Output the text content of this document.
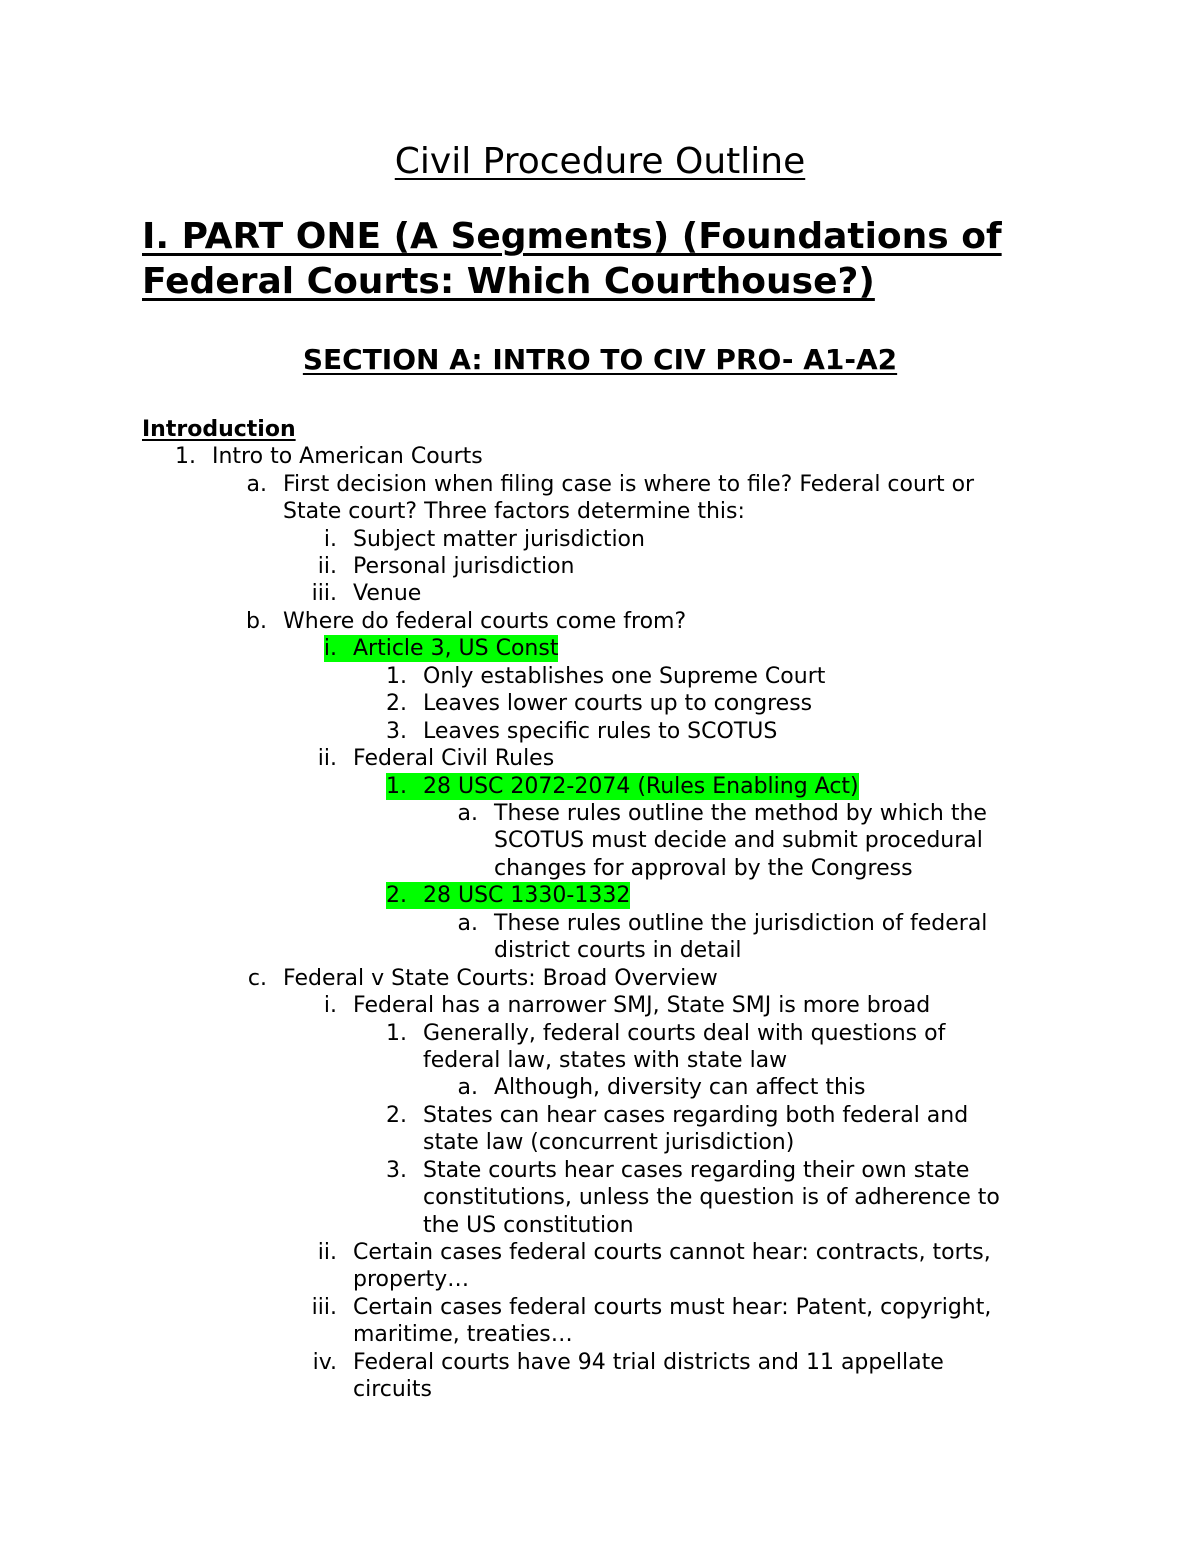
Civil Procedure Outline
I. PART ONE (A Segments) (Foundations of Federal Courts: Which Courthouse?)
SECTION A: INTRO TO CIV PRO- A1-A2
Introduction
1. Intro to American Courts
a. First decision when filing case is where to file? Federal court or
State court? Three factors determine this:
i. Subject matter jurisdiction
ii. Personal jurisdiction
iii. Venue
b. Where do federal courts come from?
i. Article 3, US Const
1. Only establishes one Supreme Court
2. Leaves lower courts up to congress
3. Leaves specific rules to SCOTUS
ii. Federal Civil Rules
1. 28 USC 2072-2074 (Rules Enabling Act)
a. These rules outline the method by which the
SCOTUS must decide and submit procedural
changes for approval by the Congress
2. 28 USC 1330-1332
a. These rules outline the jurisdiction of federal
district courts in detail
c. Federal v State Courts: Broad Overview
i. Federal has a narrower SMJ, State SMJ is more broad
1. Generally, federal courts deal with questions of
federal law, states with state law
a. Although, diversity can affect this
2. States can hear cases regarding both federal and
state law (concurrent jurisdiction)
3. State courts hear cases regarding their own state
constitutions, unless the question is of adherence to
the US constitution
ii. Certain cases federal courts cannot hear: contracts, torts,
property…
iii. Certain cases federal courts must hear: Patent, copyright,
maritime, treaties…
iv. Federal courts have 94 trial districts and 11 appellate
circuits
